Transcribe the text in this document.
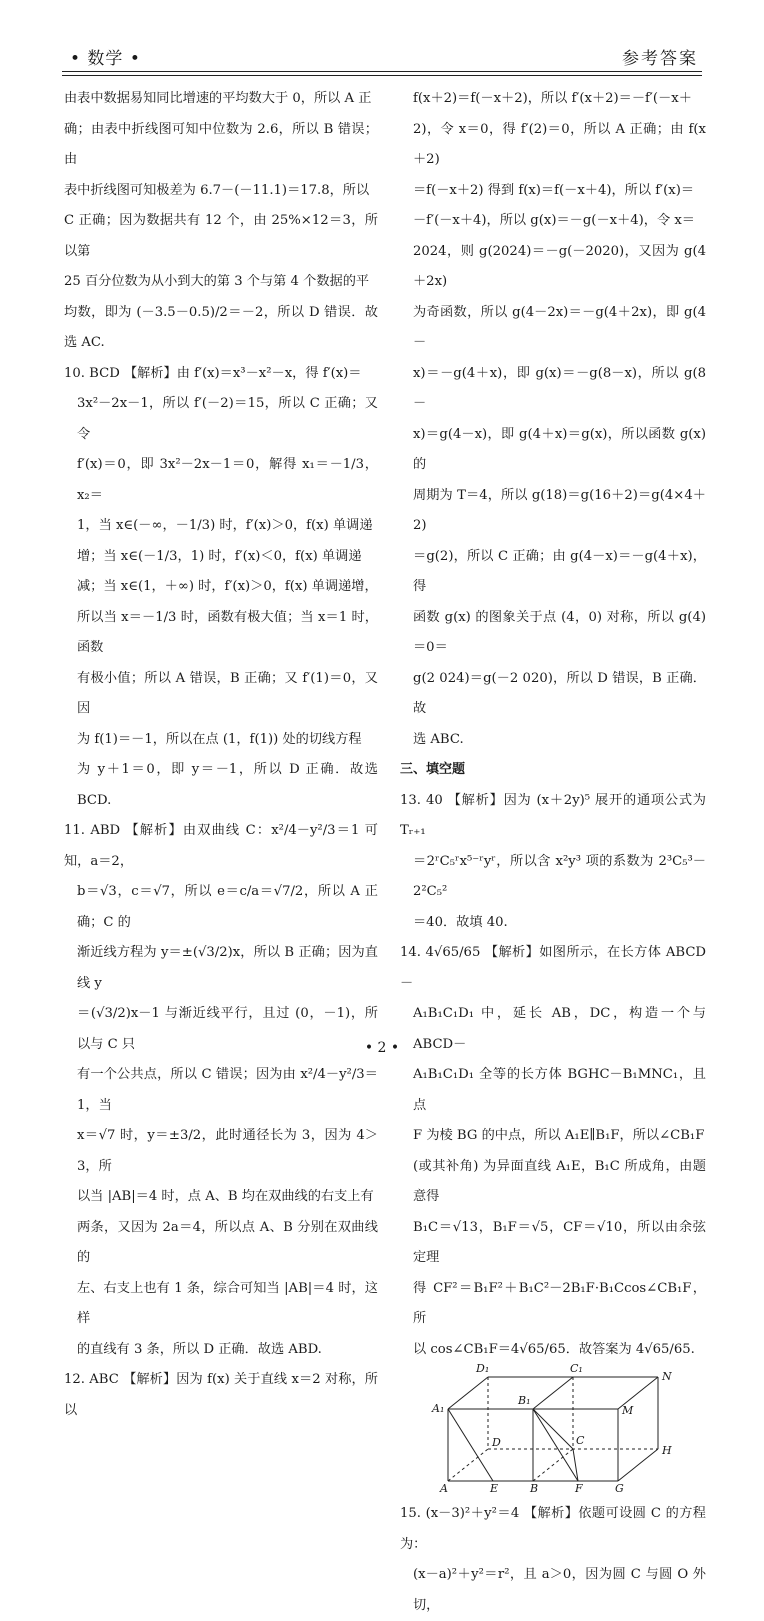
• 数学 •	参考答案

由表中数据易知同比增速的平均数大于 0，所以 A 正

确；由表中折线图可知中位数为 2.6，所以 B 错误；由

表中折线图可知极差为 6.7－(－11.1)＝17.8，所以

C 正确；因为数据共有 12 个，由 25%×12＝3，所以第

25 百分位数为从小到大的第 3 个与第 4 个数据的平

均数，即为 (－3.5－0.5)/2＝－2，所以 D 错误．故选 AC.

10. BCD 【解析】由 f′(x)＝x³－x²－x，得 f′(x)＝

3x²－2x－1，所以 f′(－2)＝15，所以 C 正确；又令

f′(x)＝0，即 3x²－2x－1＝0，解得 x₁＝－1/3，x₂＝

1，当 x∈(－∞，－1/3) 时，f′(x)＞0，f(x) 单调递

增；当 x∈(－1/3，1) 时，f′(x)＜0，f(x) 单调递

减；当 x∈(1，＋∞) 时，f′(x)＞0，f(x) 单调递增，

所以当 x＝－1/3 时，函数有极大值；当 x＝1 时，函数

有极小值；所以 A 错误，B 正确；又 f′(1)＝0，又因

为 f(1)＝－1，所以在点 (1，f(1)) 处的切线方程

为 y＋1＝0，即 y＝－1，所以 D 正确．故选 BCD.

11. ABD 【解析】由双曲线 C：x²/4－y²/3＝1 可知，a＝2，

b＝√3，c＝√7，所以 e＝c/a＝√7/2，所以 A 正确；C 的

渐近线方程为 y＝±(√3/2)x，所以 B 正确；因为直线 y

＝(√3/2)x－1 与渐近线平行，且过 (0，－1)，所以与 C 只

有一个公共点，所以 C 错误；因为由 x²/4－y²/3＝1，当

x＝√7 时，y＝±3/2，此时通径长为 3，因为 4＞3，所

以当 |AB|＝4 时，点 A、B 均在双曲线的右支上有

两条，又因为 2a＝4，所以点 A、B 分别在双曲线的

左、右支上也有 1 条，综合可知当 |AB|＝4 时，这样

的直线有 3 条，所以 D 正确．故选 ABD.

12. ABC 【解析】因为 f(x) 关于直线 x＝2 对称，所以

f(x＋2)＝f(－x＋2)，所以 f′(x＋2)＝－f′(－x＋

2)，令 x＝0，得 f′(2)＝0，所以 A 正确；由 f(x＋2)

＝f(－x＋2) 得到 f(x)＝f(－x＋4)，所以 f′(x)＝

－f′(－x＋4)，所以 g(x)＝－g(－x＋4)，令 x＝

2024，则 g(2024)＝－g(－2020)，又因为 g(4＋2x)

为奇函数，所以 g(4－2x)＝－g(4＋2x)，即 g(4－

x)＝－g(4＋x)，即 g(x)＝－g(8－x)，所以 g(8－

x)＝g(4－x)，即 g(4＋x)＝g(x)，所以函数 g(x) 的

周期为 T＝4，所以 g(18)＝g(16＋2)＝g(4×4＋2)

＝g(2)，所以 C 正确；由 g(4－x)＝－g(4＋x)，得

函数 g(x) 的图象关于点 (4，0) 对称，所以 g(4)＝0＝

g(2 024)＝g(－2 020)，所以 D 错误，B 正确．故

选 ABC.

三、填空题

13. 40 【解析】因为 (x＋2y)⁵ 展开的通项公式为 Tᵣ₊₁

＝2ʳC₅ʳx⁵⁻ʳyʳ，所以含 x²y³ 项的系数为 2³C₅³－2²C₅²

＝40．故填 40.

14. 4√65/65 【解析】如图所示，在长方体 ABCD－

A₁B₁C₁D₁ 中，延长 AB，DC，构造一个与 ABCD－

A₁B₁C₁D₁ 全等的长方体 BGHC－B₁MNC₁，且点

F 为棱 BG 的中点，所以 A₁E∥B₁F，所以∠CB₁F

(或其补角) 为异面直线 A₁E，B₁C 所成角，由题意得

B₁C＝√13，B₁F＝√5，CF＝√10，所以由余弦定理

得 CF²＝B₁F²＋B₁C²－2B₁F·B₁Ccos∠CB₁F，所

以 cos∠CB₁F＝4√65/65．故答案为 4√65/65.

D₁	C₁
N
A₁
B₁
M
D	C
H
A	E	B	F	G

15. (x－3)²＋y²＝4 【解析】依题可设圆 C 的方程为：

(x－a)²＋y²＝r²，且 a＞0，因为圆 C 与圆 O 外切，

• 2 •
